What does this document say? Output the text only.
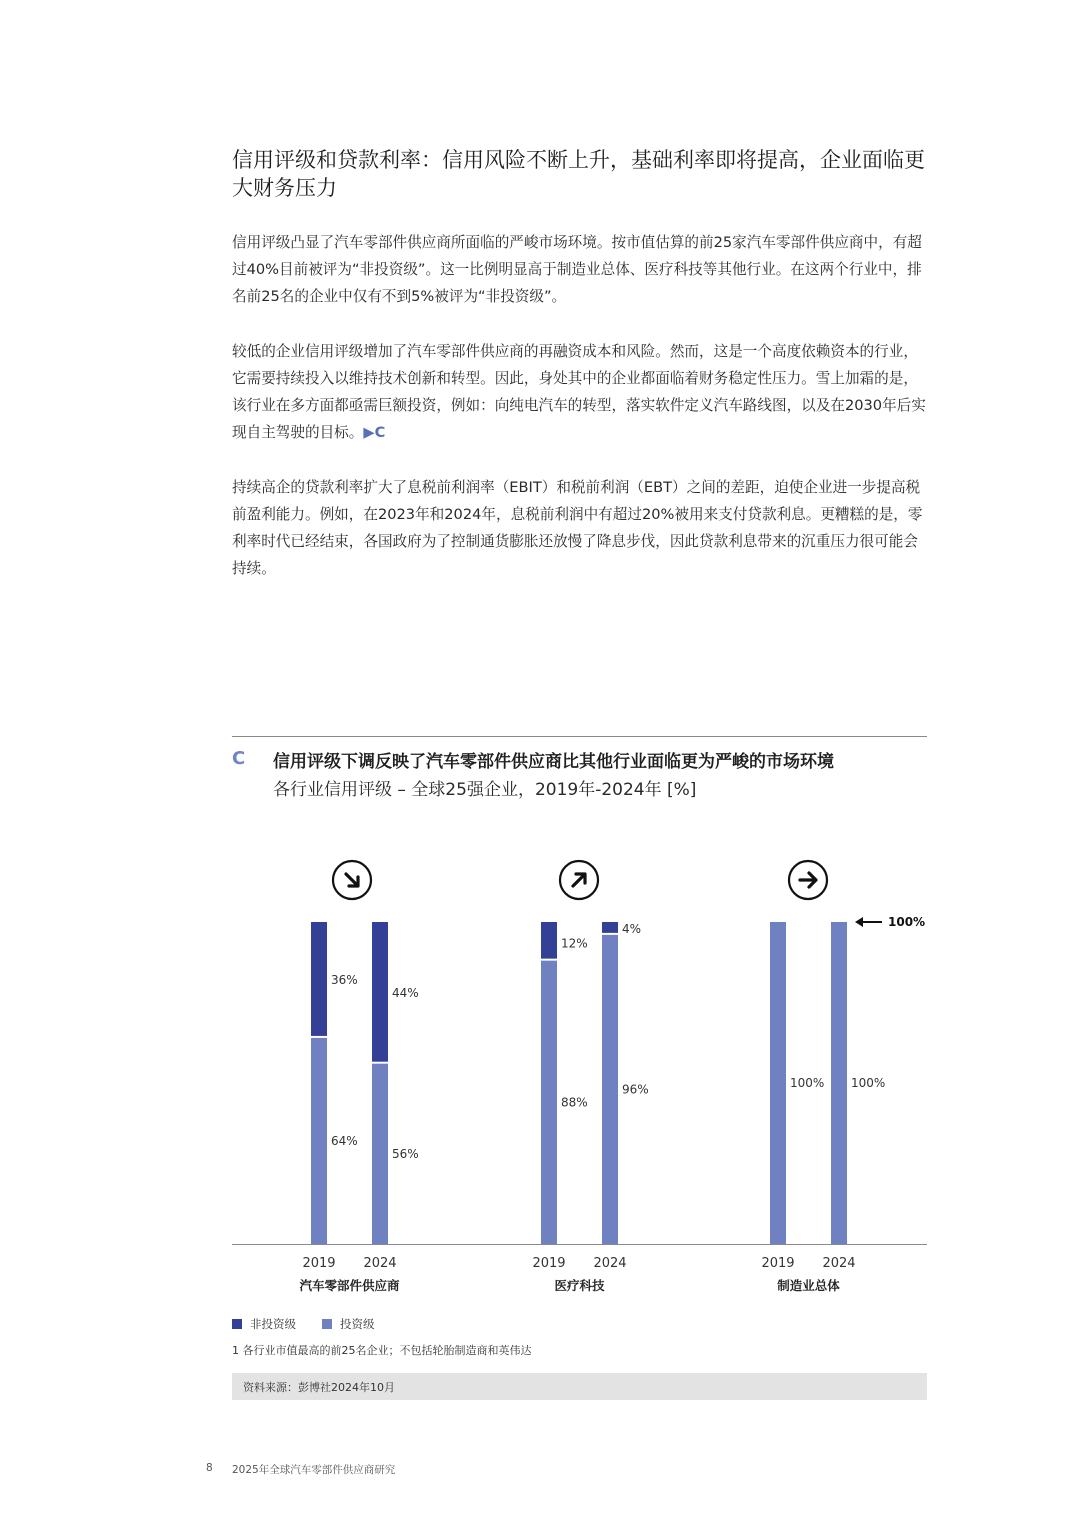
信用评级和贷款利率：信用风险不断上升，基础利率即将提高，企业面临更大财务压力

信用评级凸显了汽车零部件供应商所面临的严峻市场环境。按市值估算的前25家汽车零部件供应商中，有超过40%目前被评为“非投资级”。这一比例明显高于制造业总体、医疗科技等其他行业。在这两个行业中，排名前25名的企业中仅有不到5%被评为“非投资级”。

较低的企业信用评级增加了汽车零部件供应商的再融资成本和风险。然而，这是一个高度依赖资本的行业，它需要持续投入以维持技术创新和转型。因此，身处其中的企业都面临着财务稳定性压力。雪上加霜的是，该行业在多方面都亟需巨额投资，例如：向纯电汽车的转型，落实软件定义汽车路线图，以及在2030年后实现自主驾驶的目标。▶C

持续高企的贷款利率扩大了息税前利润率（EBIT）和税前利润（EBT）之间的差距，迫使企业进一步提高税前盈利能力。例如，在2023年和2024年，息税前利润中有超过20%被用来支付贷款利息。更糟糕的是，零利率时代已经结束，各国政府为了控制通货膨胀还放慢了降息步伐，因此贷款利息带来的沉重压力很可能会持续。

C 信用评级下调反映了汽车零部件供应商比其他行业面临更为严峻的市场环境
各行业信用评级 – 全球25强企业，2019年-2024年 [%]
36%
64%
2019
44%
56%
2024
汽车零部件供应商
12%
88%
2019
4%
96%
2024
医疗科技
100%
2019
100%
2024
制造业总体
100%
非投资级	投资级
1 各行业市值最高的前25名企业；不包括轮胎制造商和英伟达
资料来源：彭博社2024年10月
8 2025年全球汽车零部件供应商研究
